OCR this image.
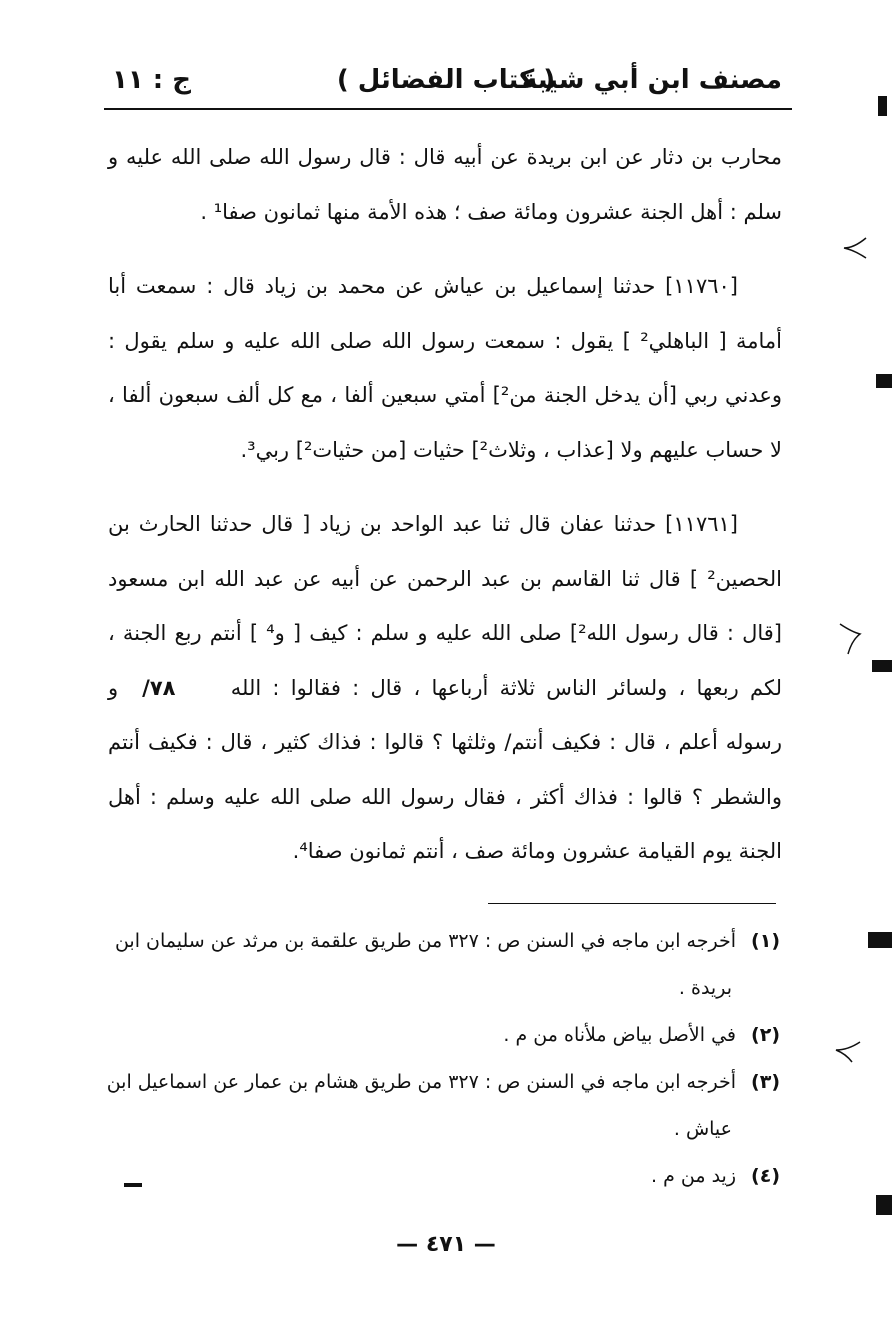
مصنف ابن أبي شيبة
( كتاب الفضائل )
ج : ١١

محارب بن دثار عن ابن بريدة عن أبيه قال : قال رسول الله صلى الله عليه و سلم : أهل الجنة عشرون ومائة صف ؛ هذه الأمة منها ثمانون صفا¹ .

[١١٧٦٠] حدثنا إسماعيل بن عياش عن محمد بن زياد قال : سمعت أبا أمامة [ الباهلي² ] يقول : سمعت رسول الله صلى الله عليه و سلم يقول : وعدني ربي [أن يدخل الجنة من²] أمتي سبعين ألفا ، مع كل ألف سبعون ألفا ، لا حساب عليهم ولا [عذاب ، وثلاث²] حثيات [من حثيات²] ربي³.

[١١٧٦١] حدثنا عفان قال ثنا عبد الواحد بن زياد [ قال حدثنا الحارث بن الحصين² ] قال ثنا القاسم بن عبد الرحمن عن أبيه عن عبد الله ابن مسعود [قال : قال رسول الله²] صلى الله عليه و سلم : كيف [ و⁴ ] أنتم ربع الجنة ، لكم ربعها ، ولسائر الناس ثلاثة أرباعها ، قال : فقالوا : الله ٧٨/و رسوله أعلم ، قال : فكيف أنتم/ وثلثها ؟ قالوا : فذاك كثير ، قال : فكيف أنتم والشطر ؟ قالوا : فذاك أكثر ، فقال رسول الله صلى الله عليه وسلم : أهل الجنة يوم القيامة عشرون ومائة صف ، أنتم ثمانون صفا⁴.

(١)أخرجه ابن ماجه في السنن ص : ٣٢٧ من طريق علقمة بن مرثد عن سليمان ابن بريدة .

(٢)في الأصل بياض ملأناه من م .

(٣)أخرجه ابن ماجه في السنن ص : ٣٢٧ من طريق هشام بن عمار عن اسماعيل ابن عياش .

(٤)زيد من م .

— ٤٧١ —
